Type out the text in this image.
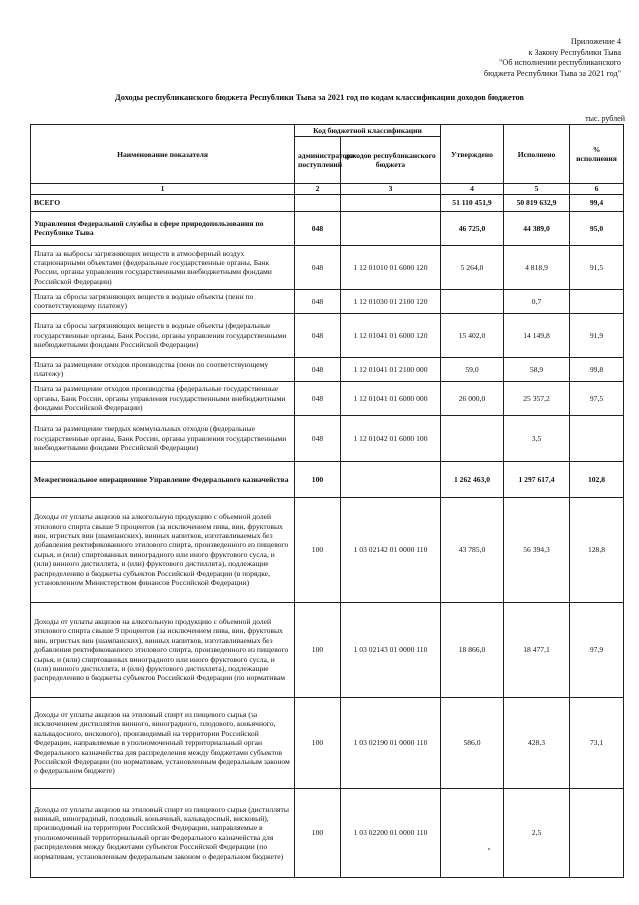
Приложение 4
к Закону Республики Тыва
"Об исполнении республиканского
бюджета Республики Тыва за 2021 год"
Доходы республиканского бюджета Республики Тыва за 2021 год по кодам классификации доходов бюджетов
тыс. рублей
Наименование показателя	Код бюджетной классификации		Утверждено	Исполнено	% исполнения
	администратора поступлений	доходов республиканского бюджета			
1	2	3	4	5	6

ВСЕГО			51 110 451,9	50 819 632,9	99,4

Управления Федеральной службы в сфере природопользования по Республике Тыва	048		46 725,0	44 389,0	95,0

Плата за выбросы загрязняющих веществ в атмосферный воздух стационарными объектами (федеральные государственные органы, Банк России, органы управления государственными внебюджетными фондами Российской Федерации)	048	1 12 01010 01 6000 120	5 264,0	4 818,9	91,5

Плата за сбросы загрязняющих веществ в водные объекты (пени по соответствующему платежу)	048	1 12 01030 01 2100 120		0,7	

Плата за сбросы загрязняющих веществ в водные объекты (федеральные государственные органы, Банк России, органы управления государственными внебюджетными фондами Российской Федерации)	048	1 12 01041 01 6000 120	15 402,0	14 149,8	91,9

Плата за размещение отходов производства (пени по соответствующему платежу)	048	1 12 01041 01 2100 000	59,0	58,9	99,8

Плата за размещение отходов производства (федеральные государственные органы, Банк России, органы управления государственными внебюджетными фондами Российской Федерации)	048	1 12 01041 01 6000 000	26 000,0	25 357,2	97,5

Плата за размещение твердых коммунальных отходов (федеральные государственные органы, Банк России, органы управления государственными внебюджетными фондами Российской Федерации)	048	1 12 01042 01 6000 100		3,5	

Межрегиональное операционное Управление Федерального казначейства	100		1 262 463,0	1 297 617,4	102,8

Доходы от уплаты акцизов на алкогольную продукцию с объемной долей этилового спирта свыше 9 процентов (за исключением пива, вин, фруктовых вин, игристых вин (шампанских), винных напитков, изготавливаемых без добавления ректификованного этилового спирта, произведенного из пищевого сырья, и (или) спиртованных виноградного или иного фруктового сусла, и (или) винного дистиллята, и (или) фруктового дистиллята), подлежащие распределению в бюджеты субъектов Российской Федерации (в порядке, установленном Министерством финансов Российской Федерации)	100	1 03 02142 01 0000 110	43 785,0	56 394,3	128,8

Доходы от уплаты акцизов на алкогольную продукцию с объемной долей этилового спирта свыше 9 процентов (за исключением пива, вин, фруктовых вин, игристых вин (шампанских), винных напитков, изготавливаемых без добавления ректификованного этилового спирта, произведенного из пищевого сырья, и (или) спиртованных виноградного или иного фруктового сусла, и (или) винного дистиллята, и (или) фруктового дистиллята), подлежащие распределению в бюджеты субъектов Российской Федерации (по нормативам	100	1 03 02143 01 0000 110	18 866,0	18 477,1	97,9

Доходы от уплаты акцизов на этиловый спирт из пищевого сырья (за исключением дистиллятов винного, виноградного, плодового, коньячного, кальвадосного, вискового), производимый на территории Российской Федерации, направляемые в уполномоченный территориальный орган Федерального казначейства для распределения между бюджетами субъектов Российской Федерации (по нормативам, установленным федеральным законом о федеральном бюджете)	100	1 03 02190 01 0000 110	586,0	428,3	73,1

Доходы от уплаты акцизов на этиловый спирт из пищевого сырья (дистилляты винный, виноградный, плодовый, коньячный, кальвадосный, висковый), производимый на территории Российской Федерации, направляемые в уполномоченный территориальный орган Федерального казначейства для распределения между бюджетами субъектов Российской Федерации (по нормативам, установленным федеральным законом о федеральном бюджете)	100	1 03 02200 01 0000 110		2,5	
